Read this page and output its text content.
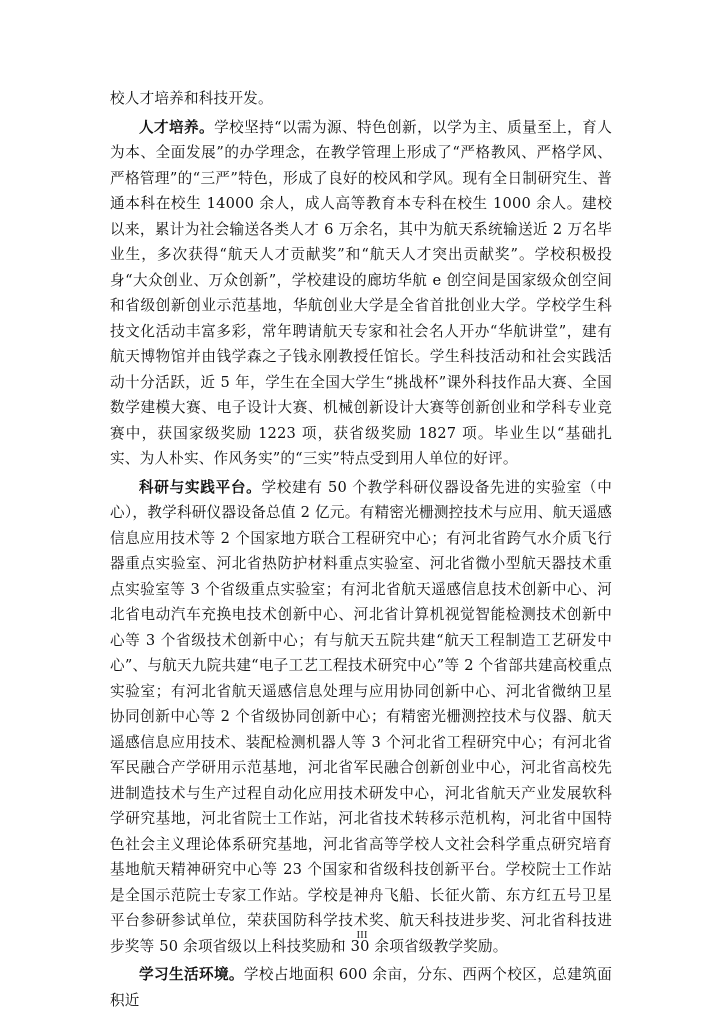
校人才培养和科技开发。

人才培养。学校坚持“以需为源、特色创新，以学为主、质量至上，育人为本、全面发展”的办学理念，在教学管理上形成了“严格教风、严格学风、严格管理”的“三严”特色，形成了良好的校风和学风。现有全日制研究生、普通本科在校生 14000 余人，成人高等教育本专科在校生 1000 余人。建校以来，累计为社会输送各类人才 6 万余名，其中为航天系统输送近 2 万名毕业生，多次获得“航天人才贡献奖”和“航天人才突出贡献奖”。学校积极投身“大众创业、万众创新”，学校建设的廊坊华航 e 创空间是国家级众创空间和省级创新创业示范基地，华航创业大学是全省首批创业大学。学校学生科技文化活动丰富多彩，常年聘请航天专家和社会名人开办“华航讲堂”，建有航天博物馆并由钱学森之子钱永刚教授任馆长。学生科技活动和社会实践活动十分活跃，近 5 年，学生在全国大学生“挑战杯”课外科技作品大赛、全国数学建模大赛、电子设计大赛、机械创新设计大赛等创新创业和学科专业竞赛中，获国家级奖励 1223 项，获省级奖励 1827 项。毕业生以“基础扎实、为人朴实、作风务实”的“三实”特点受到用人单位的好评。

科研与实践平台。学校建有 50 个教学科研仪器设备先进的实验室（中心），教学科研仪器设备总值 2 亿元。有精密光栅测控技术与应用、航天遥感信息应用技术等 2 个国家地方联合工程研究中心；有河北省跨气水介质飞行器重点实验室、河北省热防护材料重点实验室、河北省微小型航天器技术重点实验室等 3 个省级重点实验室；有河北省航天遥感信息技术创新中心、河北省电动汽车充换电技术创新中心、河北省计算机视觉智能检测技术创新中心等 3 个省级技术创新中心；有与航天五院共建“航天工程制造工艺研发中心”、与航天九院共建“电子工艺工程技术研究中心”等 2 个省部共建高校重点实验室；有河北省航天遥感信息处理与应用协同创新中心、河北省微纳卫星协同创新中心等 2 个省级协同创新中心；有精密光栅测控技术与仪器、航天遥感信息应用技术、装配检测机器人等 3 个河北省工程研究中心；有河北省军民融合产学研用示范基地，河北省军民融合创新创业中心，河北省高校先进制造技术与生产过程自动化应用技术研发中心，河北省航天产业发展软科学研究基地，河北省院士工作站，河北省技术转移示范机构，河北省中国特色社会主义理论体系研究基地，河北省高等学校人文社会科学重点研究培育基地航天精神研究中心等 23 个国家和省级科技创新平台。学校院士工作站是全国示范院士专家工作站。学校是神舟飞船、长征火箭、东方红五号卫星平台参研参试单位，荣获国防科学技术奖、航天科技进步奖、河北省科技进步奖等 50 余项省级以上科技奖励和 30 余项省级教学奖励。

学习生活环境。学校占地面积 600 余亩，分东、西两个校区，总建筑面积近

III
